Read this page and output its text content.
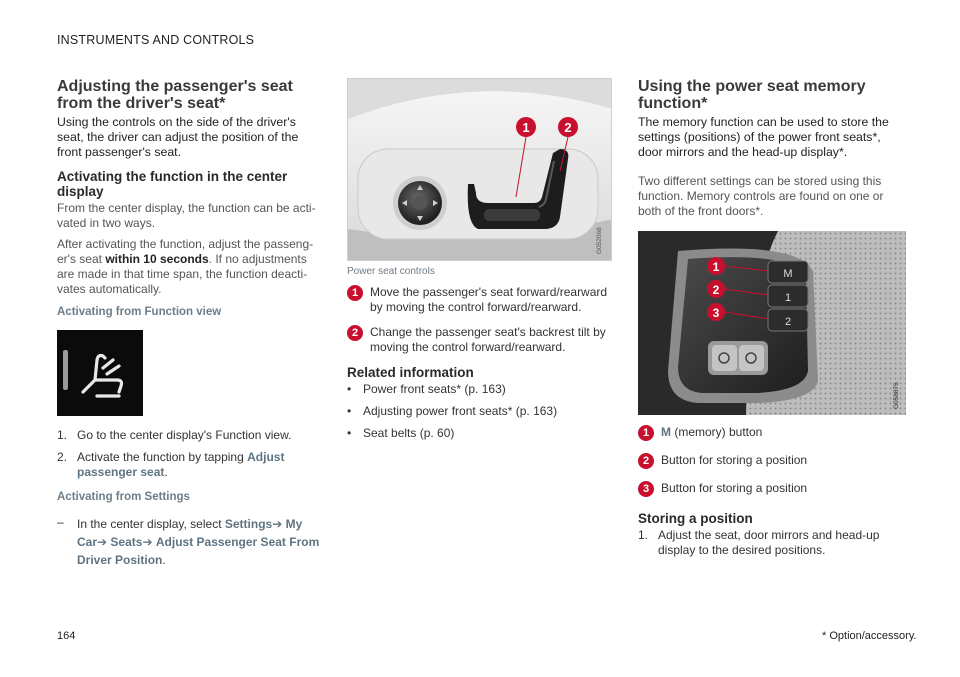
INSTRUMENTS AND CONTROLS
Adjusting the passenger's seat from the driver's seat*

Using the controls on the side of the driver's seat, the driver can adjust the position of the front passenger's seat.

Activating the function in the center display

From the center display, the function can be acti-vated in two ways.

After activating the function, adjust the passeng-er's seat within 10 seconds. If no adjustments are made in that time span, the function deacti-vates automatically.

Activating from Function view
1. Go to the center display's Function view.
2. Activate the function by tapping Adjust passenger seat.
Activating from Settings
–	In the center display, select Settings➔ My Car➔ Seats➔ Adjust Passenger Seat From Driver Position.
1	2
G052068
Power seat controls
1 Move the passenger's seat forward/rearward by moving the control forward/rearward.
2 Change the passenger seat's backrest tilt by moving the control forward/rearward.
Related information
• Power front seats* (p. 163)
• Adjusting power front seats* (p. 163)
• Seat belts (p. 60)
Using the power seat memory function*

The memory function can be used to store the settings (positions) of the power front seats*, door mirrors and the head-up display*.

Two different settings can be stored using this function. Memory controls are found on one or both of the front doors*.

M
1
2
1
2
3
G058876
1 M (memory) button
2 Button for storing a position
3 Button for storing a position
Storing a position
1. Adjust the seat, door mirrors and head-up display to the desired positions.
164	* Option/accessory.
